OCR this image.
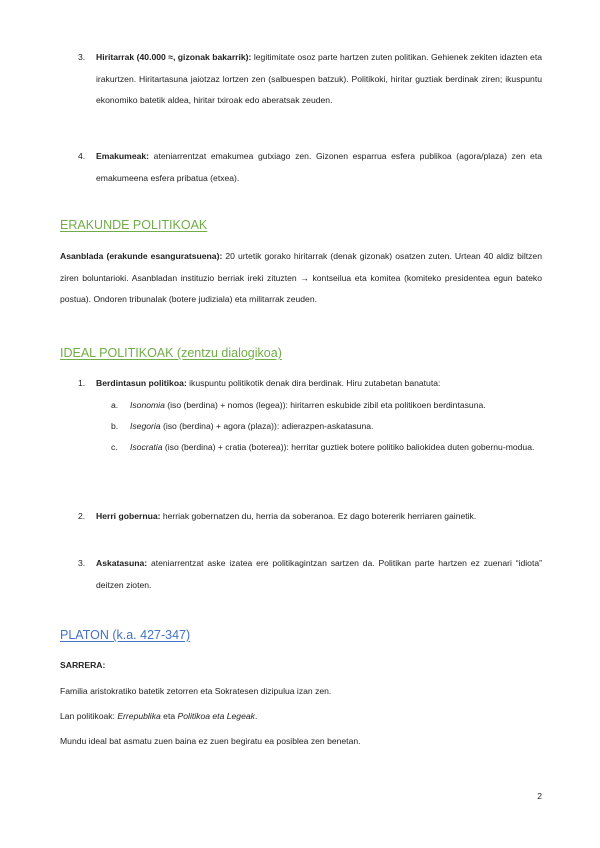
3. Hiritarrak (40.000 ≈, gizonak bakarrik): legitimitate osoz parte hartzen zuten politikan. Gehienek zekiten idazten eta irakurtzen. Hiritartasuna jaiotzaz lortzen zen (salbuespen batzuk). Politikoki, hiritar guztiak berdinak ziren; ikuspuntu ekonomiko batetik aldea, hiritar txiroak edo aberatsak zeuden.

4. Emakumeak: ateniarrentzat emakumea gutxiago zen. Gizonen esparrua esfera publikoa (agora/plaza) zen eta emakumeena esfera pribatua (etxea).

ERAKUNDE POLITIKOAK

Asanblada (erakunde esanguratsuena): 20 urtetik gorako hiritarrak (denak gizonak) osatzen zuten. Urtean 40 aldiz biltzen ziren boluntarioki. Asanbladan instituzio berriak ireki zituzten → kontseilua eta komitea (komiteko presidentea egun bateko postua). Ondoren tribunalak (botere judiziala) eta militarrak zeuden.

IDEAL POLITIKOAK (zentzu dialogikoa)
1. Berdintasun politikoa: ikuspuntu politikotik denak dira berdinak. Hiru zutabetan banatuta:

a. Isonomia (iso (berdina) + nomos (legea)): hiritarren eskubide zibil eta politikoen berdintasuna.

b. Isegoria (iso (berdina) + agora (plaza)): adierazpen-askatasuna.

c. Isocratia (iso (berdina) + cratia (boterea)): herritar guztiek botere politiko baliokidea duten gobernu-modua.

2. Herri gobernua: herriak gobernatzen du, herria da soberanoa. Ez dago botererik herriaren gainetik.

3. Askatasuna: ateniarrentzat aske izatea ere politikagintzan sartzen da. Politikan parte hartzen ez zuenari “idiota” deitzen zioten.

PLATON (k.a. 427-347)

SARRERA:

Familia aristokratiko batetik zetorren eta Sokratesen dizipulua izan zen.

Lan politikoak: Errepublika eta Politikoa eta Legeak.

Mundu ideal bat asmatu zuen baina ez zuen begiratu ea posiblea zen benetan.

2
